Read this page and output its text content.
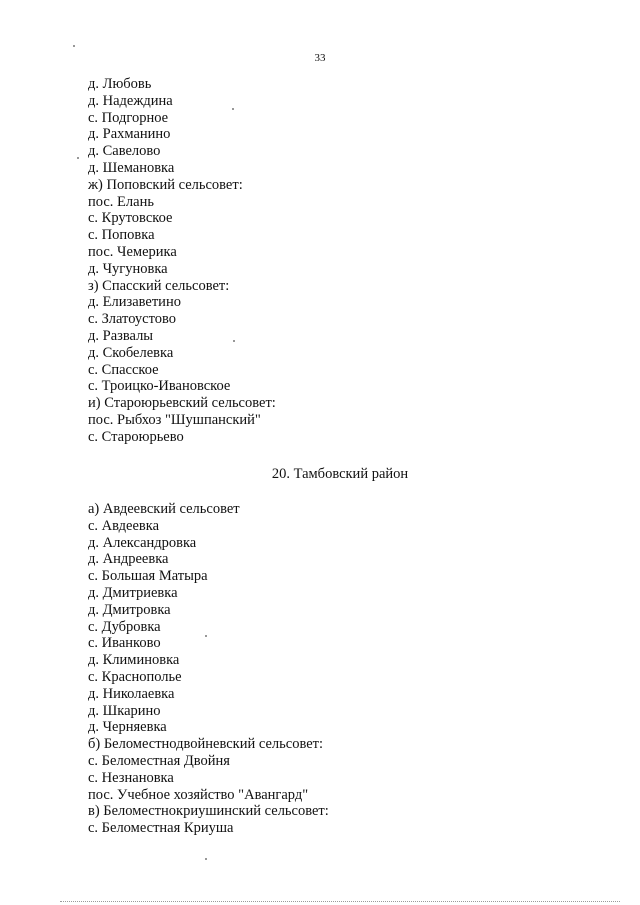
33
д. Любовь
д. Надеждина
с. Подгорное
д. Рахманино
д. Савелово
д. Шемановка
ж) Поповский сельсовет:
пос. Елань
с. Крутовское
с. Поповка
пос. Чемерика
д. Чугуновка
з) Спасский сельсовет:
д. Елизаветино
с. Златоустово
д. Развалы
д. Скобелевка
с. Спасское
с. Троицко-Ивановское
и) Староюрьевский сельсовет:
пос. Рыбхоз "Шушпанский"
с. Староюрьево
20. Тамбовский район
а) Авдеевский сельсовет
с. Авдеевка
д. Александровка
д. Андреевка
с. Большая Матыра
д. Дмитриевка
д. Дмитровка
с. Дубровка
с. Иванково
д. Климиновка
с. Краснополье
д. Николаевка
д. Шкарино
д. Черняевка
б) Беломестнодвойневский сельсовет:
с. Беломестная Двойня
с. Незнановка
пос. Учебное хозяйство "Авангард"
в) Беломестнокриушинский сельсовет:
с. Беломестная Криуша
